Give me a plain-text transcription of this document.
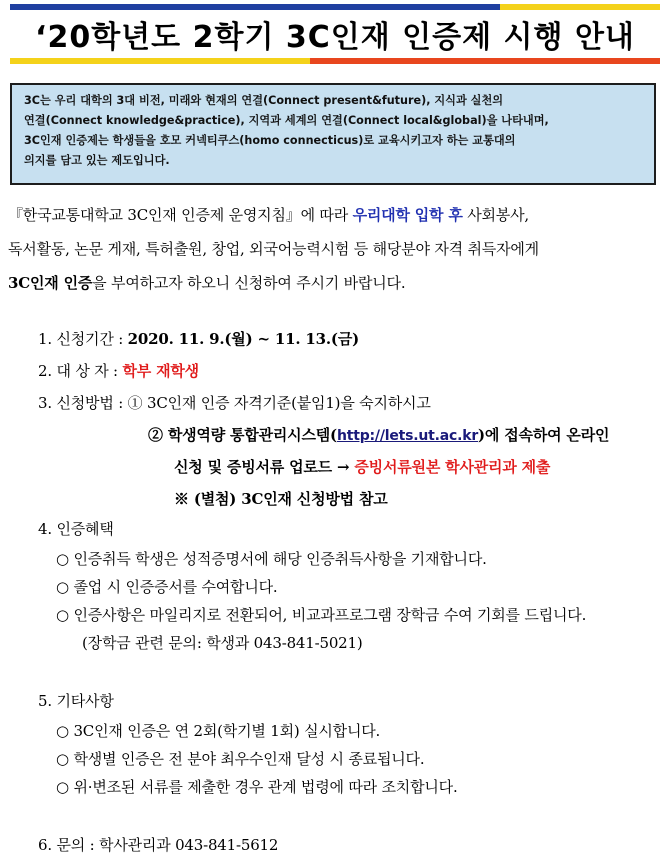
‘20학년도 2학기 3C인재 인증제 시행 안내

3C는 우리 대학의 3대 비전, 미래와 현재의 연결(Connect present&future), 지식과 실천의

연결(Connect knowledge&practice), 지역과 세계의 연결(Connect local&global)을 나타내며,

3C인재 인증제는 학생들을 호모 커넥티쿠스(homo connecticus)로 교육시키고자 하는 교통대의

의지를 담고 있는 제도입니다.

『한국교통대학교 3C인재 인증제 운영지침』에 따라 우리대학 입학 후 사회봉사,
독서활동, 논문 게재, 특허출원, 창업, 외국어능력시험 등 해당분야 자격 취득자에게
3C인재 인증을 부여하고자 하오니 신청하여 주시기 바랍니다.
1. 신청기간 : 2020. 11. 9.(월) ~ 11. 13.(금)
2. 대 상 자 : 학부 재학생
3. 신청방법 : ① 3C인재 인증 자격기준(붙임1)을 숙지하시고
② 학생역량 통합관리시스템(http://lets.ut.ac.kr)에 접속하여 온라인
신청 및 증빙서류 업로드 → 증빙서류원본 학사관리과 제출
※ (별첨) 3C인재 신청방법 참고
4. 인증혜택
○ 인증취득 학생은 성적증명서에 해당 인증취득사항을 기재합니다.
○ 졸업 시 인증증서를 수여합니다.
○ 인증사항은 마일리지로 전환되어, 비교과프로그램 장학금 수여 기회를 드립니다.
(장학금 관련 문의: 학생과 043-841-5021)
5. 기타사항
○ 3C인재 인증은 연 2회(학기별 1회) 실시합니다.
○ 학생별 인증은 전 분야 최우수인재 달성 시 종료됩니다.
○ 위·변조된 서류를 제출한 경우 관계 법령에 따라 조치합니다.
6. 문의 : 학사관리과 043-841-5612
